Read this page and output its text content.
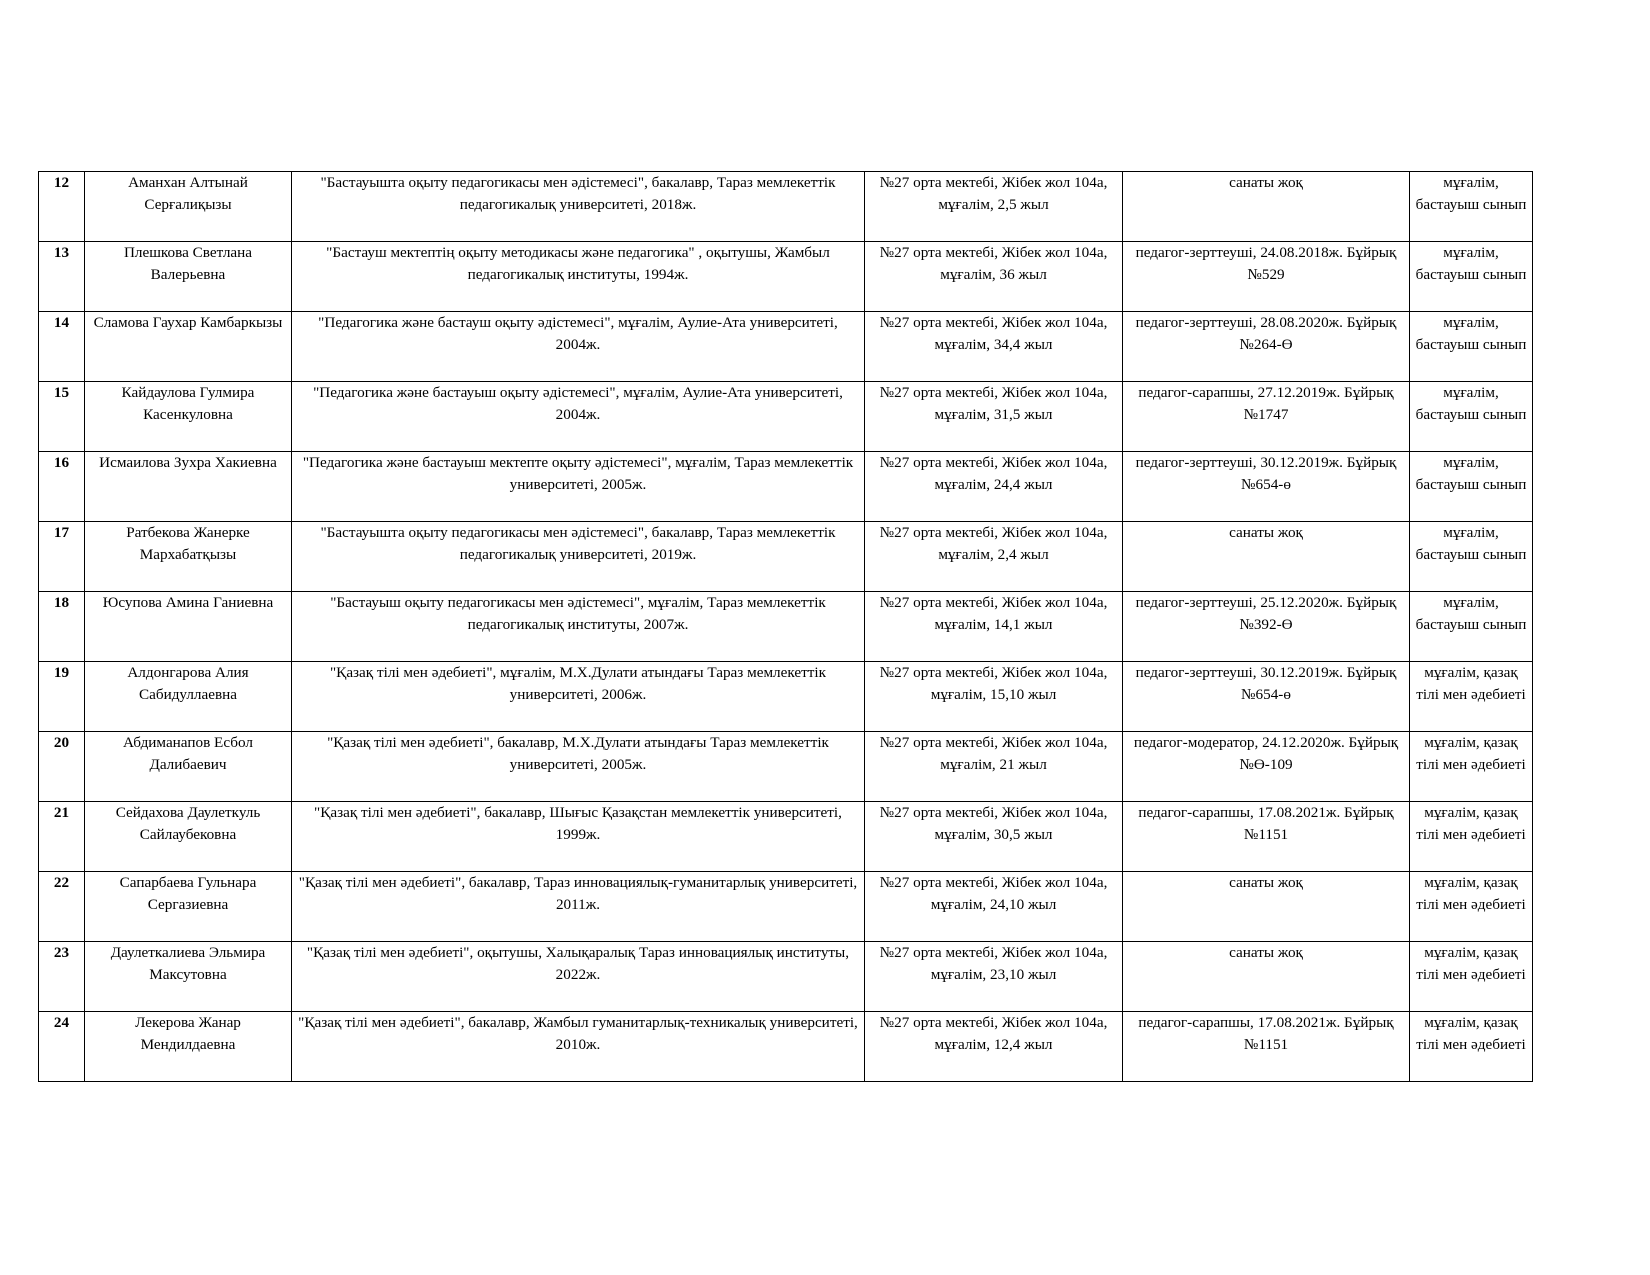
12	Аманхан Алтынай Серғалиқызы	"Бастауышта оқыту педагогикасы мен әдістемесі", бакалавр, Тараз мемлекеттік педагогикалық университеті, 2018ж.	№27 орта мектебі, Жібек жол 104а, мұғалім, 2,5 жыл	санаты жоқ	мұғалім, бастауыш сынып
13	Плешкова Светлана Валерьевна	"Бастауш мектептің оқыту методикасы және педагогика" , оқытушы, Жамбыл педагогикалық институты, 1994ж.	№27 орта мектебі, Жібек жол 104а, мұғалім, 36 жыл	педагог-зерттеуші, 24.08.2018ж. Бұйрық №529	мұғалім, бастауыш сынып
14	Сламова Гаухар Камбаркызы	"Педагогика және бастауш оқыту әдістемесі", мұғалім, Аулие-Ата университеті, 2004ж.	№27 орта мектебі, Жібек жол 104а, мұғалім, 34,4 жыл	педагог-зерттеуші, 28.08.2020ж. Бұйрық №264-Ө	мұғалім, бастауыш сынып
15	Кайдаулова Гулмира Касенкуловна	"Педагогика және бастауыш оқыту әдістемесі", мұғалім, Аулие-Ата университеті, 2004ж.	№27 орта мектебі, Жібек жол 104а, мұғалім, 31,5 жыл	педагог-сарапшы, 27.12.2019ж. Бұйрық №1747	мұғалім, бастауыш сынып
16	Исмаилова Зухра Хакиевна	"Педагогика және бастауыш мектепте оқыту әдістемесі", мұғалім, Тараз мемлекеттік университеті, 2005ж.	№27 орта мектебі, Жібек жол 104а, мұғалім, 24,4 жыл	педагог-зерттеуші, 30.12.2019ж. Бұйрық №654-ө	мұғалім, бастауыш сынып
17	Ратбекова Жанерке Мархабатқызы	"Бастауышта оқыту педагогикасы мен әдістемесі", бакалавр, Тараз мемлекеттік педагогикалық университеті, 2019ж.	№27 орта мектебі, Жібек жол 104а, мұғалім, 2,4 жыл	санаты жоқ	мұғалім, бастауыш сынып
18	Юсупова Амина Ганиевна	"Бастауыш оқыту педагогикасы мен әдістемесі", мұғалім, Тараз мемлекеттік педагогикалық институты, 2007ж.	№27 орта мектебі, Жібек жол 104а, мұғалім, 14,1 жыл	педагог-зерттеуші, 25.12.2020ж. Бұйрық №392-Ө	мұғалім, бастауыш сынып
19	Алдонгарова Алия Сабидуллаевна	"Қазақ тілі мен әдебиеті", мұғалім, М.Х.Дулати атындағы Тараз мемлекеттік университеті, 2006ж.	№27 орта мектебі, Жібек жол 104а, мұғалім, 15,10 жыл	педагог-зерттеуші, 30.12.2019ж. Бұйрық №654-ө	мұғалім, қазақ тілі мен әдебиеті
20	Абдиманапов Есбол Далибаевич	"Қазақ тілі мен әдебиеті", бакалавр, М.Х.Дулати атындағы Тараз мемлекеттік университеті, 2005ж.	№27 орта мектебі, Жібек жол 104а, мұғалім, 21 жыл	педагог-модератор, 24.12.2020ж. Бұйрық №Ө-109	мұғалім, қазақ тілі мен әдебиеті
21	Сейдахова Даулеткуль Сайлаубековна	"Қазақ тілі мен әдебиеті", бакалавр, Шығыс Қазақстан мемлекеттік университеті, 1999ж.	№27 орта мектебі, Жібек жол 104а, мұғалім, 30,5 жыл	педагог-сарапшы, 17.08.2021ж. Бұйрық №1151	мұғалім, қазақ тілі мен әдебиеті
22	Сапарбаева Гульнара Сергазиевна	"Қазақ тілі мен әдебиеті", бакалавр, Тараз инновациялық-гуманитарлық университеті, 2011ж.	№27 орта мектебі, Жібек жол 104а, мұғалім, 24,10 жыл	санаты жоқ	мұғалім, қазақ тілі мен әдебиеті
23	Даулеткалиева Эльмира Максутовна	"Қазақ тілі мен әдебиеті", оқытушы, Халықаралық Тараз инновациялық институты, 2022ж.	№27 орта мектебі, Жібек жол 104а, мұғалім, 23,10 жыл	санаты жоқ	мұғалім, қазақ тілі мен әдебиеті
24	Лекерова Жанар Мендилдаевна	"Қазақ тілі мен әдебиеті", бакалавр, Жамбыл гуманитарлық-техникалық университеті, 2010ж.	№27 орта мектебі, Жібек жол 104а, мұғалім, 12,4 жыл	педагог-сарапшы, 17.08.2021ж. Бұйрық №1151	мұғалім, қазақ тілі мен әдебиеті
